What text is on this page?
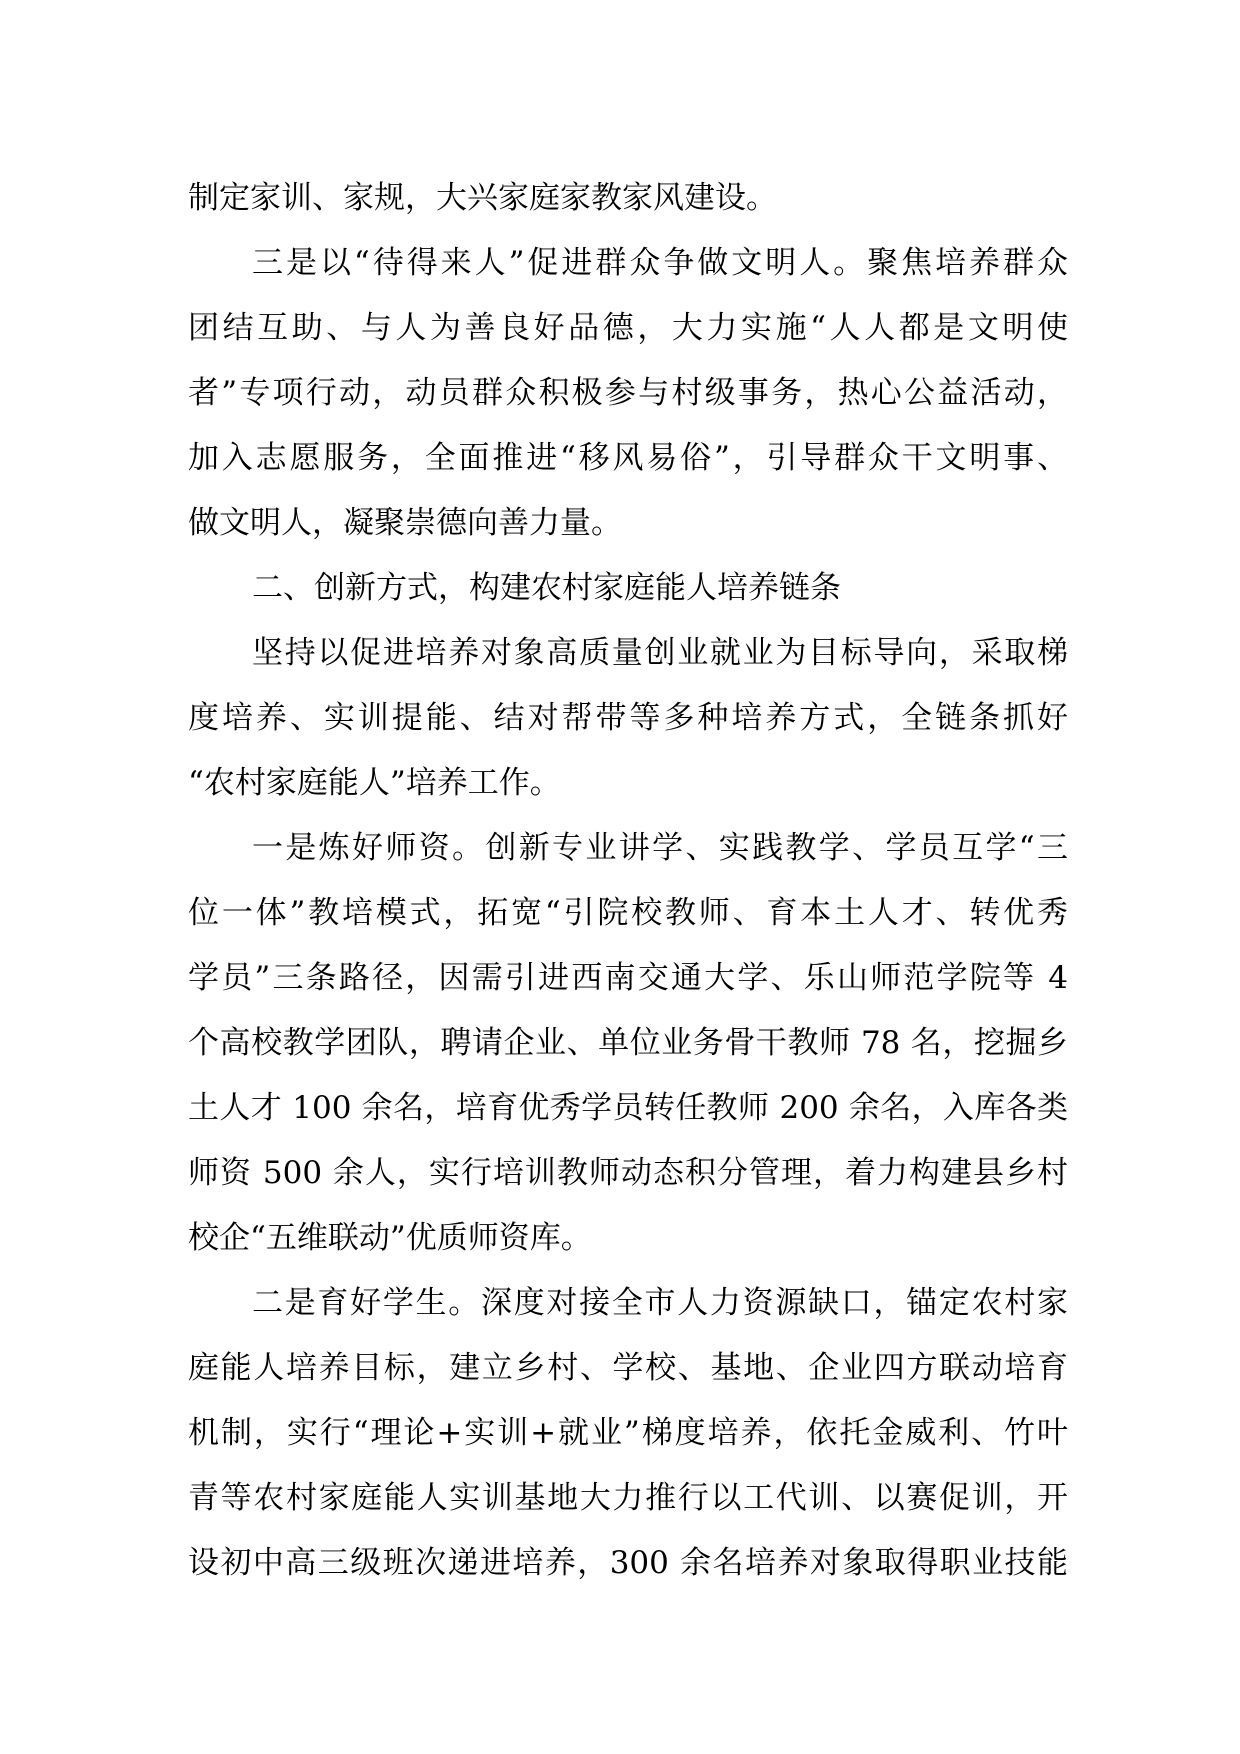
制定家训、家规，大兴家庭家教家风建设。
三是以“待得来人”促进群众争做文明人。聚焦培养群众
团结互助、与人为善良好品德，大力实施“人人都是文明使
者”专项行动，动员群众积极参与村级事务，热心公益活动，
加入志愿服务，全面推进“移风易俗”，引导群众干文明事、
做文明人，凝聚崇德向善力量。
二、创新方式，构建农村家庭能人培养链条
坚持以促进培养对象高质量创业就业为目标导向，采取梯
度培养、实训提能、结对帮带等多种培养方式，全链条抓好
“农村家庭能人”培养工作。
一是炼好师资。创新专业讲学、实践教学、学员互学“三
位一体”教培模式，拓宽“引院校教师、育本土人才、转优秀
学员”三条路径，因需引进西南交通大学、乐山师范学院等 4
个高校教学团队，聘请企业、单位业务骨干教师 78 名，挖掘乡
土人才 100 余名，培育优秀学员转任教师 200 余名，入库各类
师资 500 余人，实行培训教师动态积分管理，着力构建县乡村
校企“五维联动”优质师资库。
二是育好学生。深度对接全市人力资源缺口，锚定农村家
庭能人培养目标，建立乡村、学校、基地、企业四方联动培育
机制，实行“理论+实训+就业”梯度培养，依托金威利、竹叶
青等农村家庭能人实训基地大力推行以工代训、以赛促训，开
设初中高三级班次递进培养，300 余名培养对象取得职业技能
